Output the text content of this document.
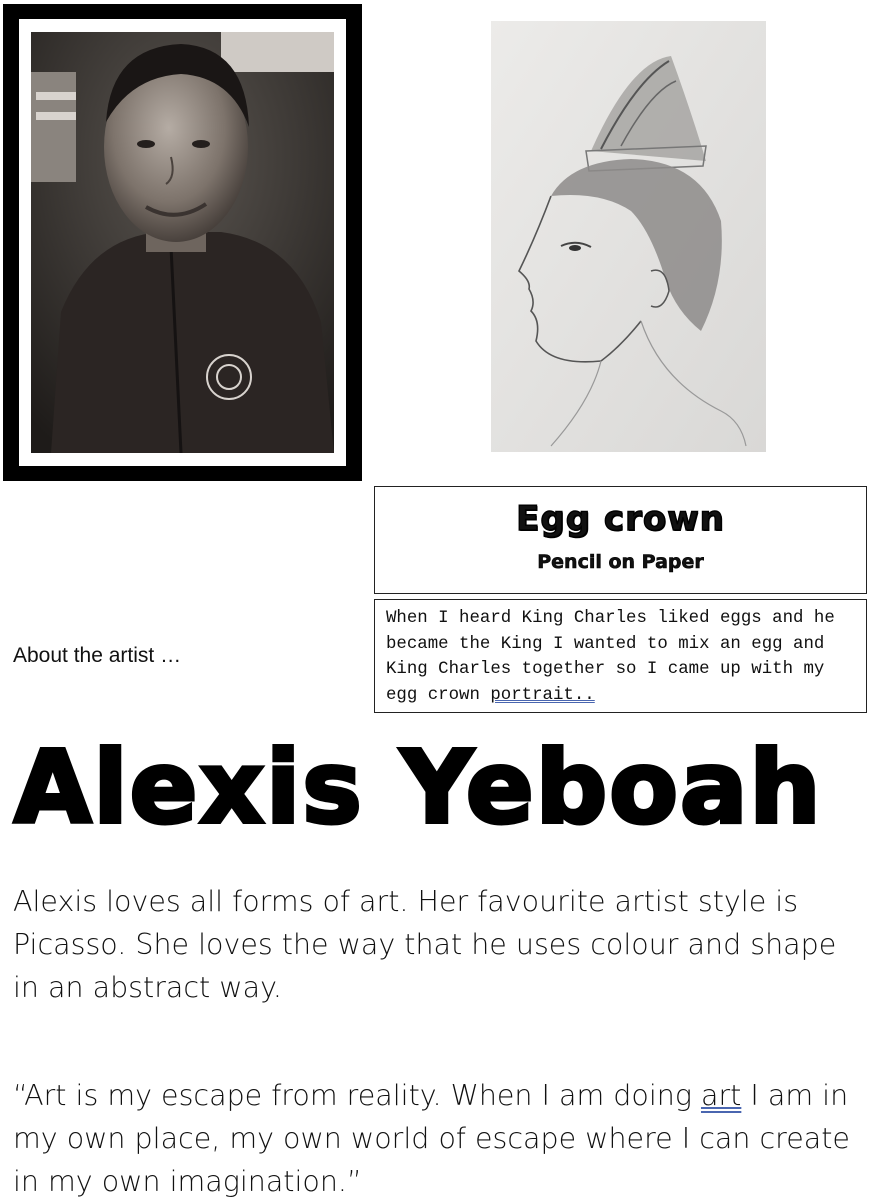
Egg crown
Pencil on Paper

When I heard King Charles liked eggs and he became the King I wanted to mix an egg and King Charles together so I came up with my egg crown portrait..

About the artist …
Alexis Yeboah

Alexis loves all forms of art. Her favourite artist style is Picasso. She loves the way that he uses colour and shape in an abstract way.

“Art is my escape from reality. When I am doing art I am in my own place, my own world of escape where I can create in my own imagination.”
